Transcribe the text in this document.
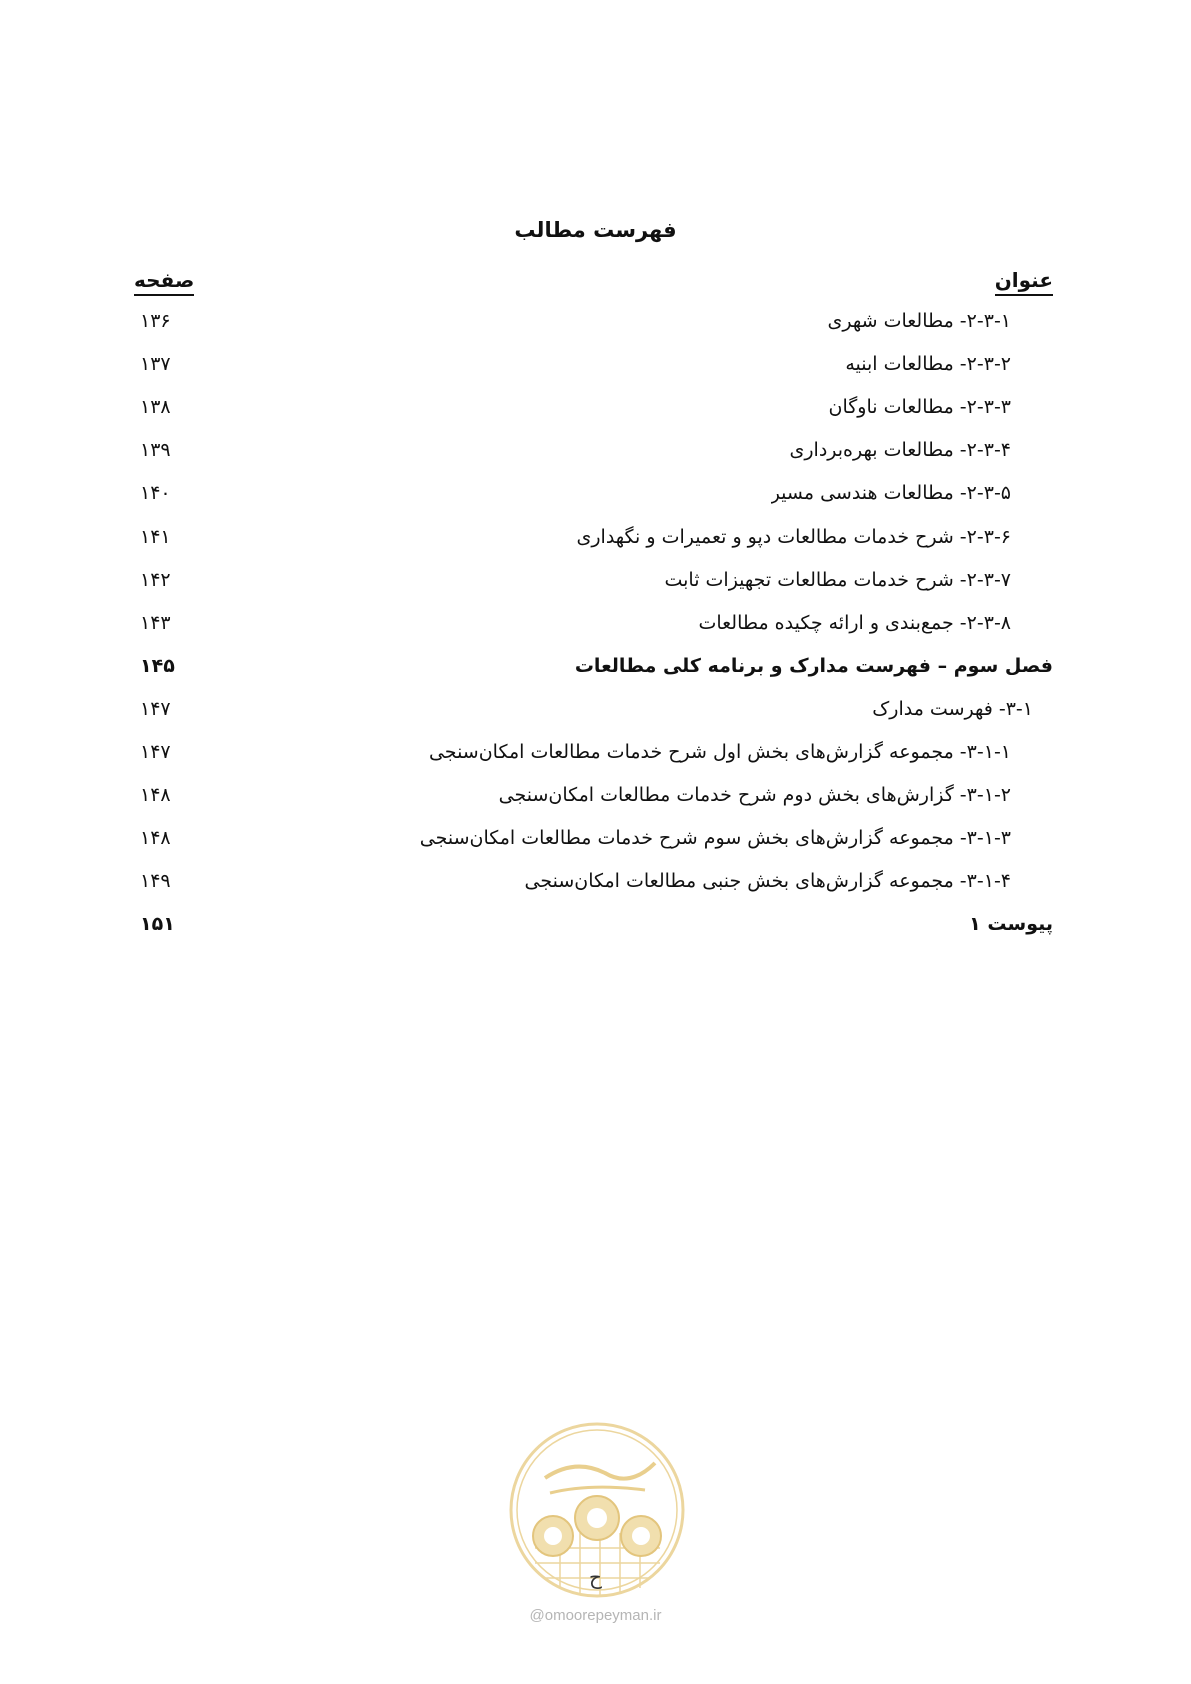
فهرست مطالب
عنوان
صفحه
۲-۳-۱- مطالعات شهری
۱۳۶
۲-۳-۲- مطالعات ابنیه
۱۳۷
۲-۳-۳- مطالعات ناوگان
۱۳۸
۲-۳-۴- مطالعات بهره‌برداری
۱۳۹
۲-۳-۵- مطالعات هندسی مسیر
۱۴۰
۲-۳-۶- شرح خدمات مطالعات دپو و تعمیرات و نگهداری
۱۴۱
۲-۳-۷- شرح خدمات مطالعات تجهیزات ثابت
۱۴۲
۲-۳-۸- جمع‌بندی و ارائه چکیده مطالعات
۱۴۳
فصل سوم – فهرست مدارک و برنامه کلی مطالعات
۱۴۵
۳-۱- فهرست مدارک
۱۴۷
۳-۱-۱- مجموعه گزارش‌های بخش اول شرح خدمات مطالعات امکان‌سنجی
۱۴۷
۳-۱-۲- گزارش‌های بخش دوم شرح خدمات مطالعات امکان‌سنجی
۱۴۸
۳-۱-۳- مجموعه گزارش‌های بخش سوم شرح خدمات مطالعات امکان‌سنجی
۱۴۸
۳-۱-۴- مجموعه گزارش‌های بخش جنبی مطالعات امکان‌سنجی
۱۴۹
پیوست ۱
۱۵۱
ح
@omoorepeyman.ir
